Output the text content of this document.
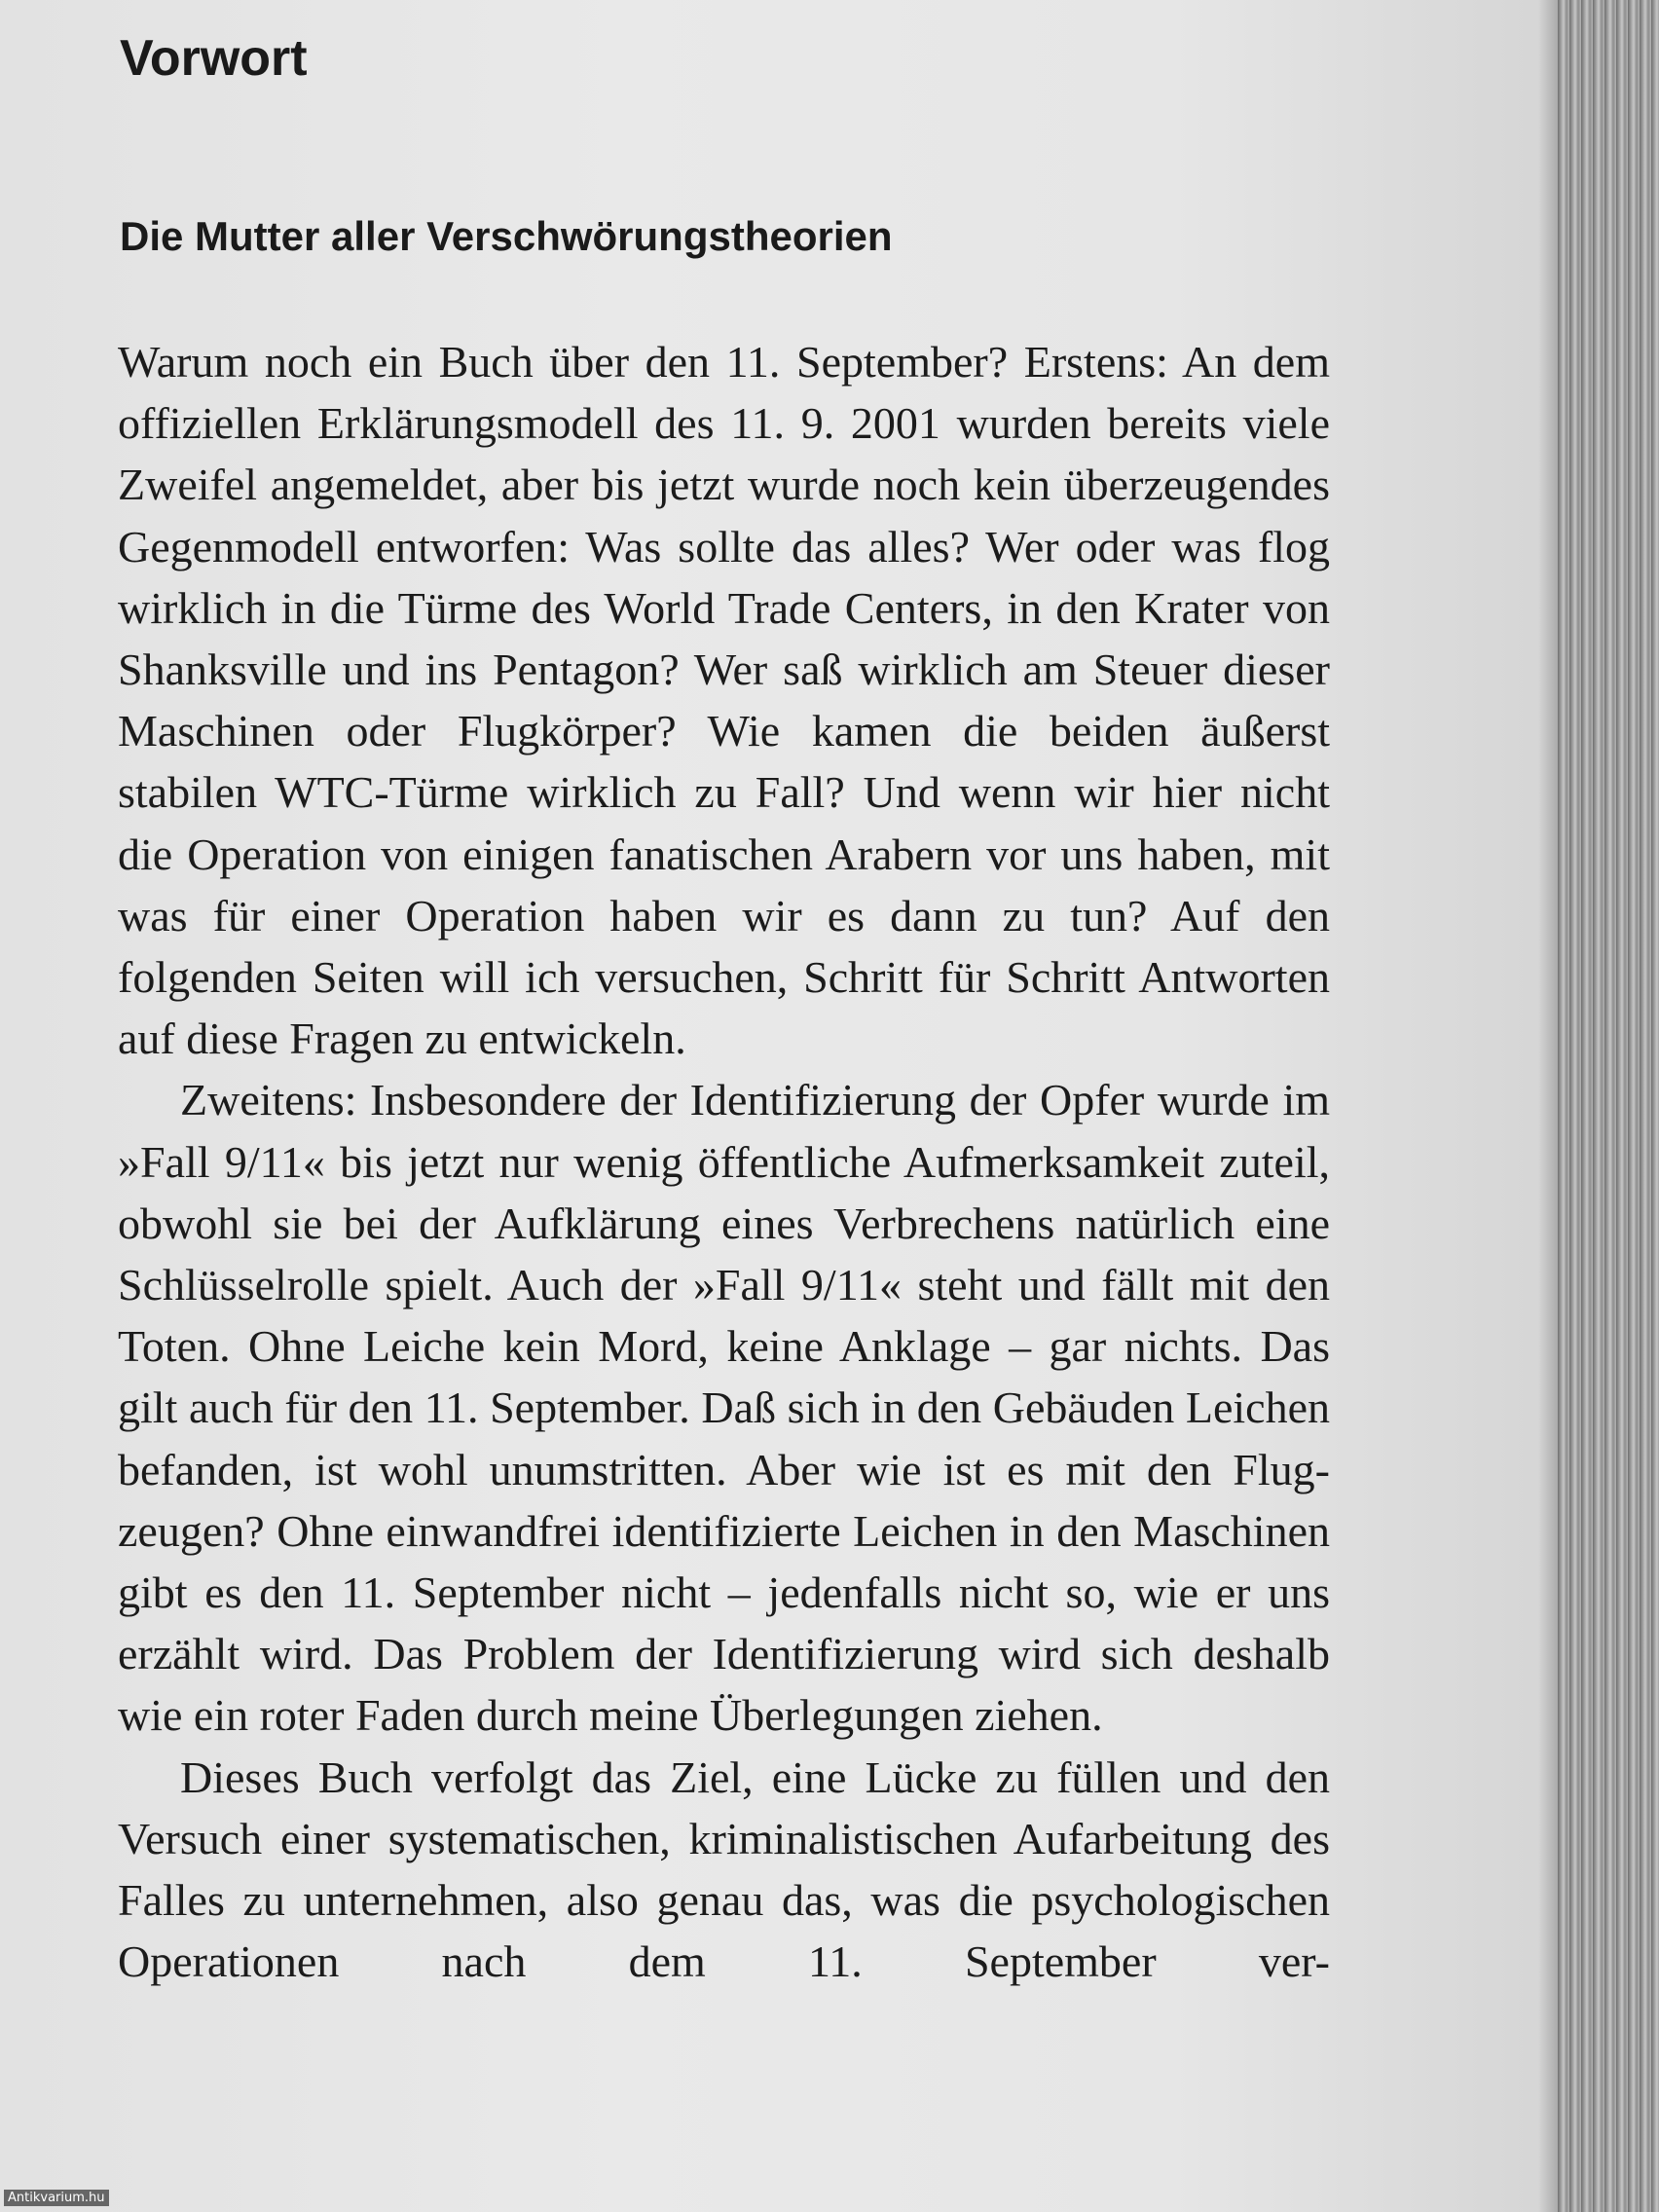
Vorwort
Die Mutter aller Verschwörungstheorien

Warum noch ein Buch über den 11. September? Erstens: An dem offiziellen Erklärungsmodell des 11. 9. 2001 wurden bereits viele Zweifel angemeldet, aber bis jetzt wurde noch kein überzeugendes Gegenmodell entworfen: Was sollte das alles? Wer oder was flog wirklich in die Türme des World Trade Centers, in den Krater von Shanksville und ins Pentagon? Wer saß wirklich am Steuer dieser Maschinen oder Flugkörper? Wie kamen die beiden äußerst stabilen WTC-Türme wirklich zu Fall? Und wenn wir hier nicht die Operation von einigen fanatischen Arabern vor uns haben, mit was für einer Operation haben wir es dann zu tun? Auf den folgenden Seiten will ich versuchen, Schritt für Schritt Antworten auf diese Fragen zu entwickeln.

Zweitens: Insbesondere der Identifizierung der Opfer wurde im »Fall 9/11« bis jetzt nur wenig öffentliche Aufmerksamkeit zuteil, obwohl sie bei der Aufklärung eines Verbrechens natürlich eine Schlüsselrolle spielt. Auch der »Fall 9/11« steht und fällt mit den Toten. Ohne Leiche kein Mord, keine Anklage – gar nichts. Das gilt auch für den 11. September. Daß sich in den Gebäuden Leichen befanden, ist wohl unumstritten. Aber wie ist es mit den Flugzeugen? Ohne einwandfrei identifizierte Leichen in den Maschinen gibt es den 11. September nicht – jedenfalls nicht so, wie er uns erzählt wird. Das Problem der Identifizierung wird sich deshalb wie ein roter Faden durch meine Überlegungen ziehen.

Dieses Buch verfolgt das Ziel, eine Lücke zu füllen und den Versuch einer systematischen, kriminalistischen Aufarbeitung des Falles zu unternehmen, also genau das, was die psychologischen Operationen nach dem 11. September ver-

Antikvarium.hu
